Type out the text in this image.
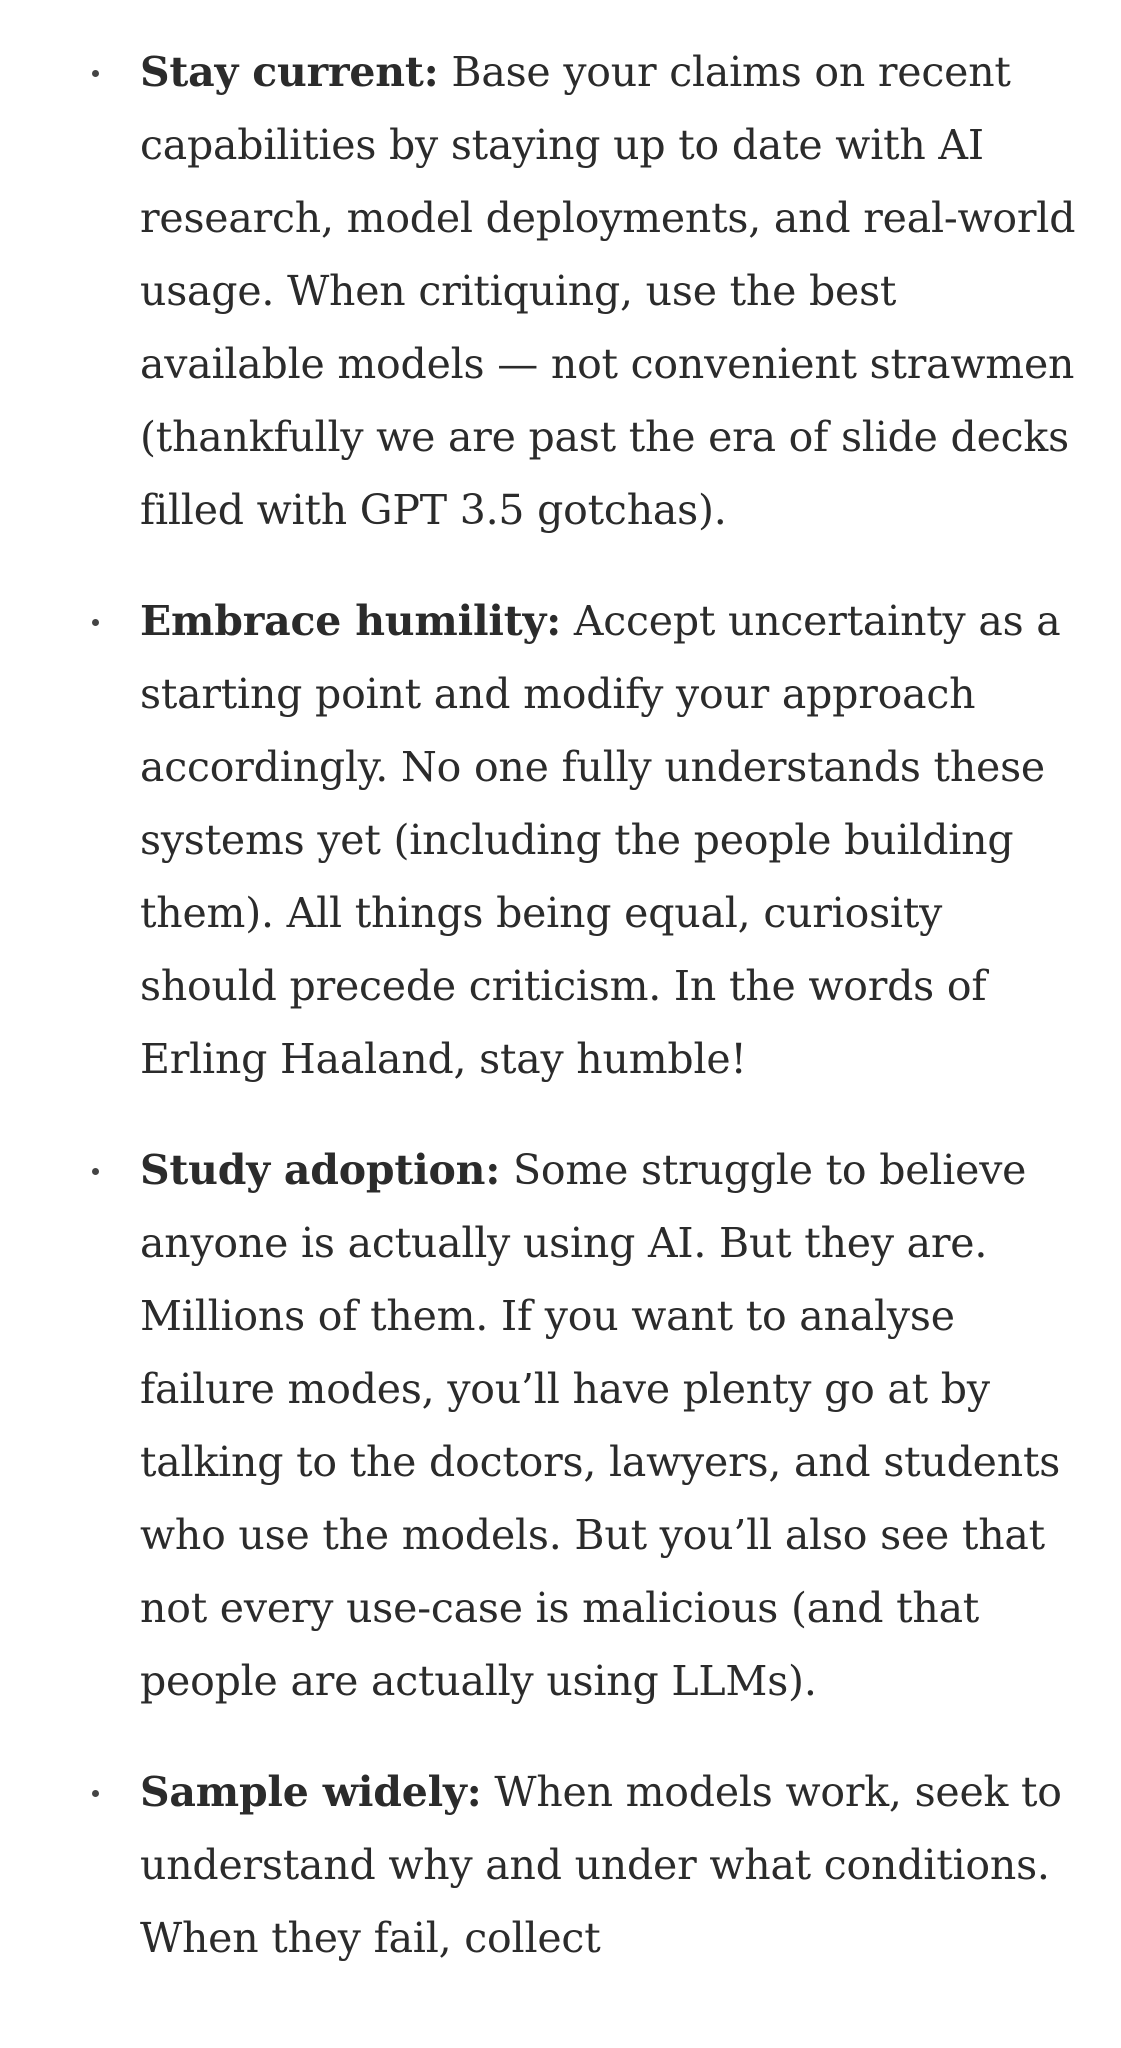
Stay current: Base your claims on recent capabilities by staying up to date with AI research, model deployments, and real-world usage. When critiquing, use the best available models — not convenient strawmen (thankfully we are past the era of slide decks filled with GPT 3.5 gotchas).
Embrace humility: Accept uncertainty as a starting point and modify your approach accordingly. No one fully understands these systems yet (including the people building them). All things being equal, curiosity should precede criticism. In the words of Erling Haaland, stay humble!
Study adoption: Some struggle to believe anyone is actually using AI. But they are. Millions of them. If you want to analyse failure modes, you’ll have plenty go at by talking to the doctors, lawyers, and students who use the models. But you’ll also see that not every use-case is malicious (and that people are actually using LLMs).
Sample widely: When models work, seek to understand why and under what conditions. When they fail, collect
